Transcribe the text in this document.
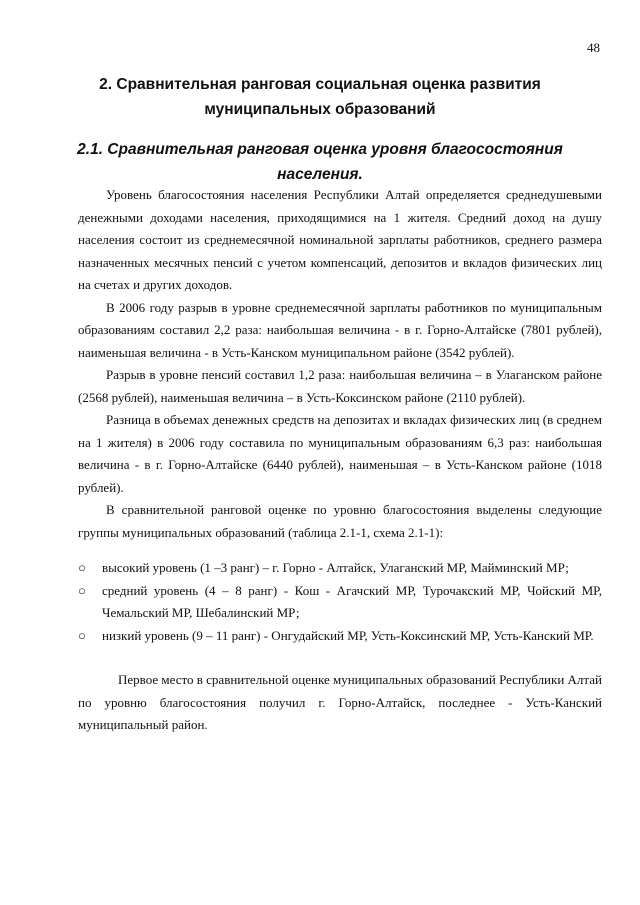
48
2. Сравнительная ранговая социальная оценка развития муниципальных образований
2.1. Сравнительная ранговая оценка уровня благосостояния населения.

Уровень благосостояния населения Республики Алтай определяется среднедушевыми денежными доходами населения, приходящимися на 1 жителя. Средний доход на душу населения состоит из среднемесячной номинальной зарплаты работников, среднего размера назначенных месячных пенсий с учетом компенсаций, депозитов и вкладов физических лиц на счетах и других доходов.

В 2006 году разрыв в уровне среднемесячной зарплаты работников по муниципальным образованиям составил 2,2 раза: наибольшая величина - в г. Горно-Алтайске (7801 рублей), наименьшая величина - в Усть-Канском муниципальном районе (3542 рублей).

Разрыв в уровне пенсий составил 1,2 раза: наибольшая величина – в Улаганском районе (2568 рублей), наименьшая величина – в Усть-Коксинском районе (2110 рублей).

Разница в объемах денежных средств на депозитах и вкладах физических лиц (в среднем на 1 жителя) в 2006 году составила по муниципальным образованиям 6,3 раз: наибольшая величина - в г. Горно-Алтайске (6440 рублей), наименьшая – в Усть-Канском районе (1018 рублей).

В сравнительной ранговой оценке по уровню благосостояния выделены следующие группы муниципальных образований (таблица 2.1-1, схема 2.1-1):

○ высокий уровень (1 –3 ранг) – г. Горно - Алтайск, Улаганский МР, Майминский МР;
○ средний уровень (4 – 8 ранг) - Кош - Агачский МР, Турочакский МР, Чойский МР, Чемальский МР, Шебалинский МР;
○ низкий уровень (9 – 11 ранг) - Онгудайский МР, Усть-Коксинский МР, Усть-Канский МР.

Первое место в сравнительной оценке муниципальных образований Республики Алтай по уровню благосостояния получил г. Горно-Алтайск, последнее - Усть-Канский муниципальный район.
